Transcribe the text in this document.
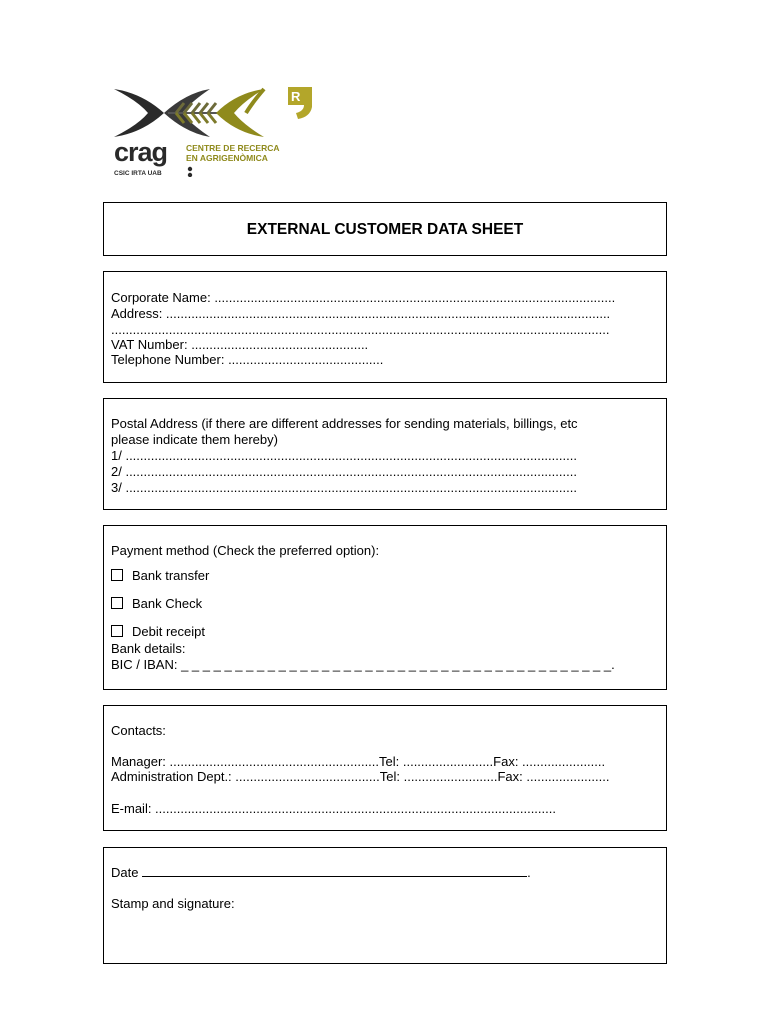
R
crag CENTRE DE RECERCA
EN AGRIGENÒMICA
CSIC IRTA UAB
EXTERNAL CUSTOMER DATA SHEET
Corporate Name: ...............................................................................................................
Address: ...........................................................................................................................
..........................................................................................................................................
VAT Number: .................................................
Telephone Number: ...........................................
Postal Address (if there are different addresses for sending materials, billings, etc
please indicate them hereby)
1/ .............................................................................................................................
2/ .............................................................................................................................
3/ .............................................................................................................................
Payment method (Check the preferred option):
Bank transfer
Bank Check
Debit receipt
Bank details:
BIC / IBAN: _ _ _ _ _ _ _ _ _ _ _ _ _ _ _ _ _ _ _ _ _ _ _ _ _ _ _ _ _ _ _ _ _ _ _ _ _ _ _ _.
Contacts:
Manager: ..........................................................Tel: .........................Fax: .......................
Administration Dept.: ........................................Tel: ..........................Fax: .......................
E-mail: ...............................................................................................................
Date	.
Stamp and signature:
